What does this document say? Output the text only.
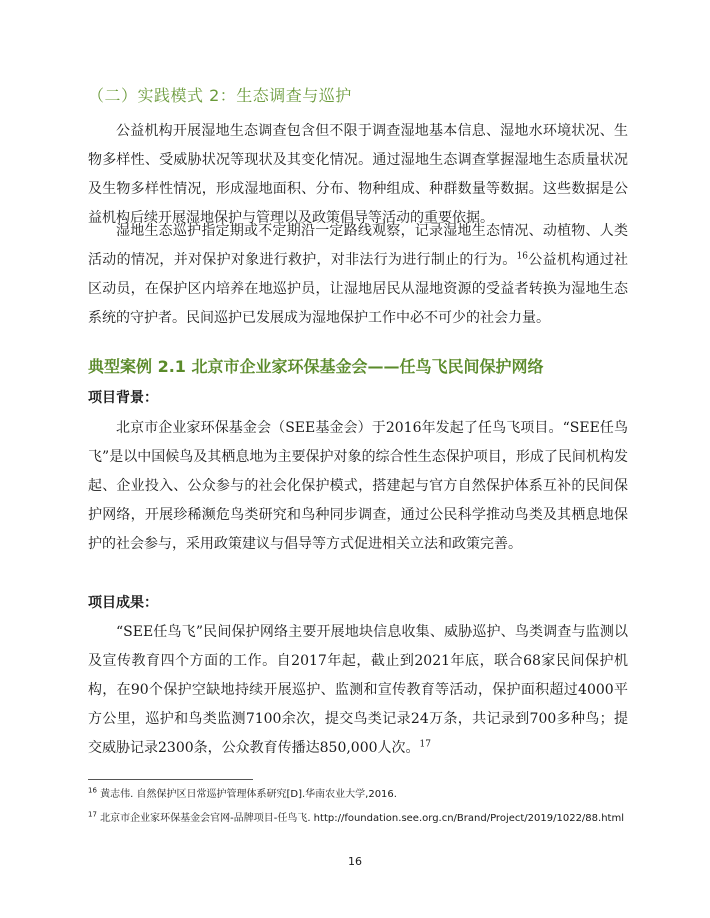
（二）实践模式 2：生态调查与巡护

公益机构开展湿地生态调查包含但不限于调查湿地基本信息、湿地水环境状况、生物多样性、受威胁状况等现状及其变化情况。通过湿地生态调查掌握湿地生态质量状况及生物多样性情况，形成湿地面积、分布、物种组成、种群数量等数据。这些数据是公益机构后续开展湿地保护与管理以及政策倡导等活动的重要依据。

湿地生态巡护指定期或不定期沿一定路线观察，记录湿地生态情况、动植物、人类活动的情况，并对保护对象进行救护，对非法行为进行制止的行为。$^{16}$公益机构通过社区动员，在保护区内培养在地巡护员，让湿地居民从湿地资源的受益者转换为湿地生态系统的守护者。民间巡护已发展成为湿地保护工作中必不可少的社会力量。

典型案例 2.1 北京市企业家环保基金会——任鸟飞民间保护网络
项目背景：

北京市企业家环保基金会（SEE基金会）于2016年发起了任鸟飞项目。“SEE任鸟飞”是以中国候鸟及其栖息地为主要保护对象的综合性生态保护项目，形成了民间机构发起、企业投入、公众参与的社会化保护模式，搭建起与官方自然保护体系互补的民间保护网络，开展珍稀濒危鸟类研究和鸟种同步调查，通过公民科学推动鸟类及其栖息地保护的社会参与，采用政策建议与倡导等方式促进相关立法和政策完善。

项目成果：

“SEE任鸟飞”民间保护网络主要开展地块信息收集、威胁巡护、鸟类调查与监测以及宣传教育四个方面的工作。自2017年起，截止到2021年底，联合68家民间保护机构，在90个保护空缺地持续开展巡护、监测和宣传教育等活动，保护面积超过4000平方公里，巡护和鸟类监测7100余次，提交鸟类记录24万条，共记录到700多种鸟；提交威胁记录2300条，公众教育传播达850,000人次。$^{17}$

$^{16}$ 黄志伟. 自然保护区日常巡护管理体系研究[D].华南农业大学,2016.
$^{17}$ 北京市企业家环保基金会官网-品牌项目-任鸟飞. http://foundation.see.org.cn/Brand/Project/2019/1022/88.html
16
